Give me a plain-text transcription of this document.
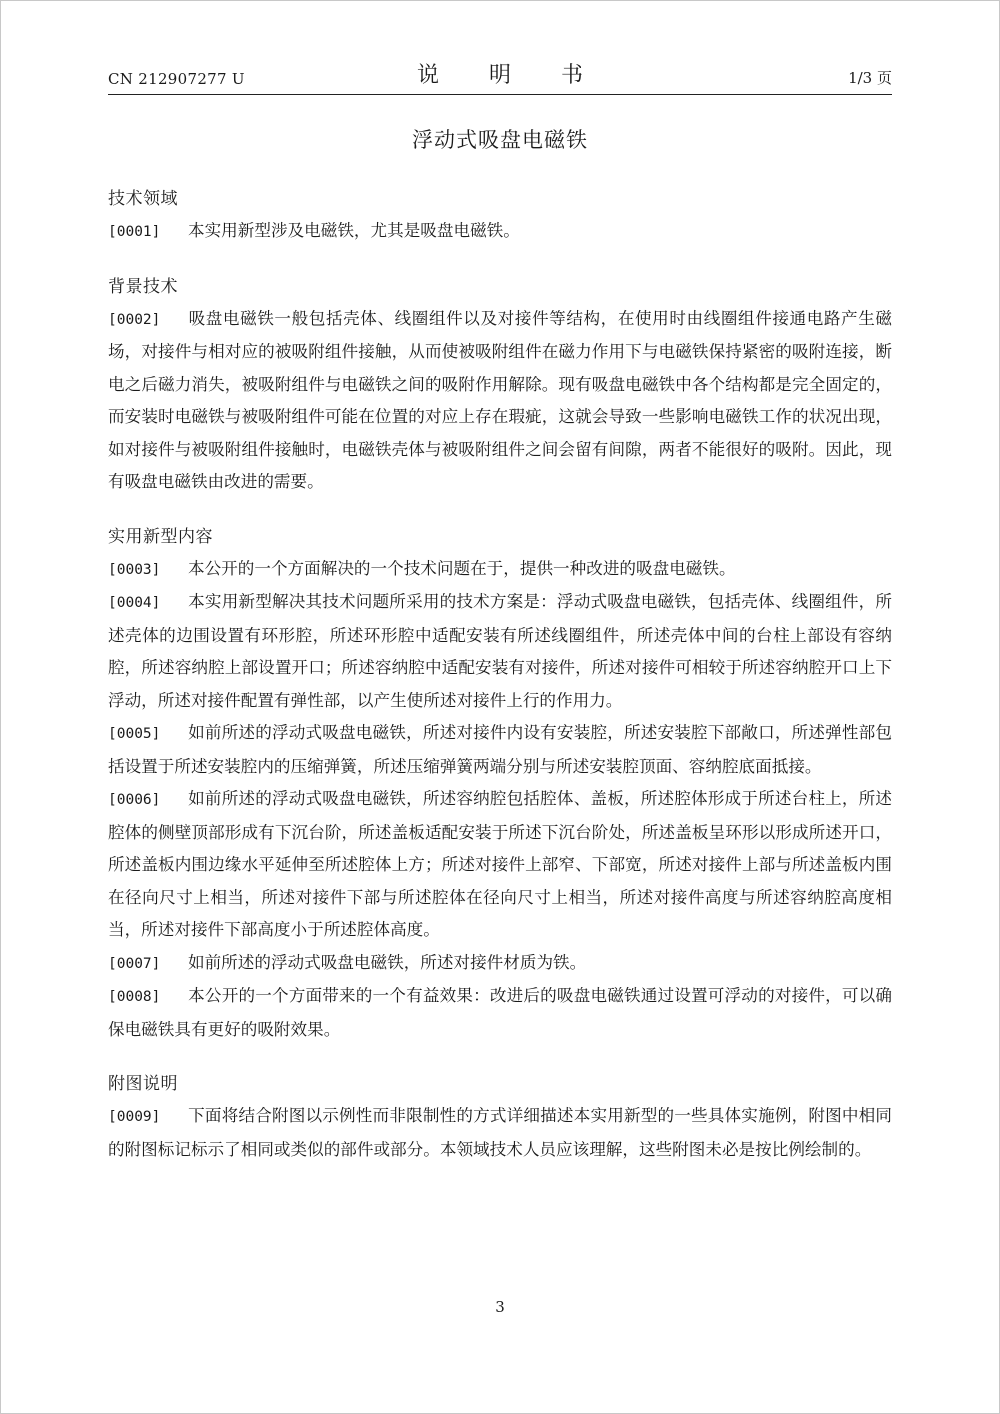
CN 212907277 U	说　明　书	1/3 页
浮动式吸盘电磁铁

技术领域

[0001] 本实用新型涉及电磁铁，尤其是吸盘电磁铁。

背景技术

[0002] 吸盘电磁铁一般包括壳体、线圈组件以及对接件等结构，在使用时由线圈组件接通电路产生磁场，对接件与相对应的被吸附组件接触，从而使被吸附组件在磁力作用下与电磁铁保持紧密的吸附连接，断电之后磁力消失，被吸附组件与电磁铁之间的吸附作用解除。现有吸盘电磁铁中各个结构都是完全固定的，而安装时电磁铁与被吸附组件可能在位置的对应上存在瑕疵，这就会导致一些影响电磁铁工作的状况出现，如对接件与被吸附组件接触时，电磁铁壳体与被吸附组件之间会留有间隙，两者不能很好的吸附。因此，现有吸盘电磁铁由改进的需要。

实用新型内容

[0003] 本公开的一个方面解决的一个技术问题在于，提供一种改进的吸盘电磁铁。

[0004] 本实用新型解决其技术问题所采用的技术方案是：浮动式吸盘电磁铁，包括壳体、线圈组件，所述壳体的边围设置有环形腔，所述环形腔中适配安装有所述线圈组件，所述壳体中间的台柱上部设有容纳腔，所述容纳腔上部设置开口；所述容纳腔中适配安装有对接件，所述对接件可相较于所述容纳腔开口上下浮动，所述对接件配置有弹性部，以产生使所述对接件上行的作用力。

[0005] 如前所述的浮动式吸盘电磁铁，所述对接件内设有安装腔，所述安装腔下部敞口，所述弹性部包括设置于所述安装腔内的压缩弹簧，所述压缩弹簧两端分别与所述安装腔顶面、容纳腔底面抵接。

[0006] 如前所述的浮动式吸盘电磁铁，所述容纳腔包括腔体、盖板，所述腔体形成于所述台柱上，所述腔体的侧壁顶部形成有下沉台阶，所述盖板适配安装于所述下沉台阶处，所述盖板呈环形以形成所述开口，所述盖板内围边缘水平延伸至所述腔体上方；所述对接件上部窄、下部宽，所述对接件上部与所述盖板内围在径向尺寸上相当，所述对接件下部与所述腔体在径向尺寸上相当，所述对接件高度与所述容纳腔高度相当，所述对接件下部高度小于所述腔体高度。

[0007] 如前所述的浮动式吸盘电磁铁，所述对接件材质为铁。

[0008] 本公开的一个方面带来的一个有益效果：改进后的吸盘电磁铁通过设置可浮动的对接件，可以确保电磁铁具有更好的吸附效果。

附图说明

[0009] 下面将结合附图以示例性而非限制性的方式详细描述本实用新型的一些具体实施例，附图中相同的附图标记标示了相同或类似的部件或部分。本领域技术人员应该理解，这些附图未必是按比例绘制的。

3
